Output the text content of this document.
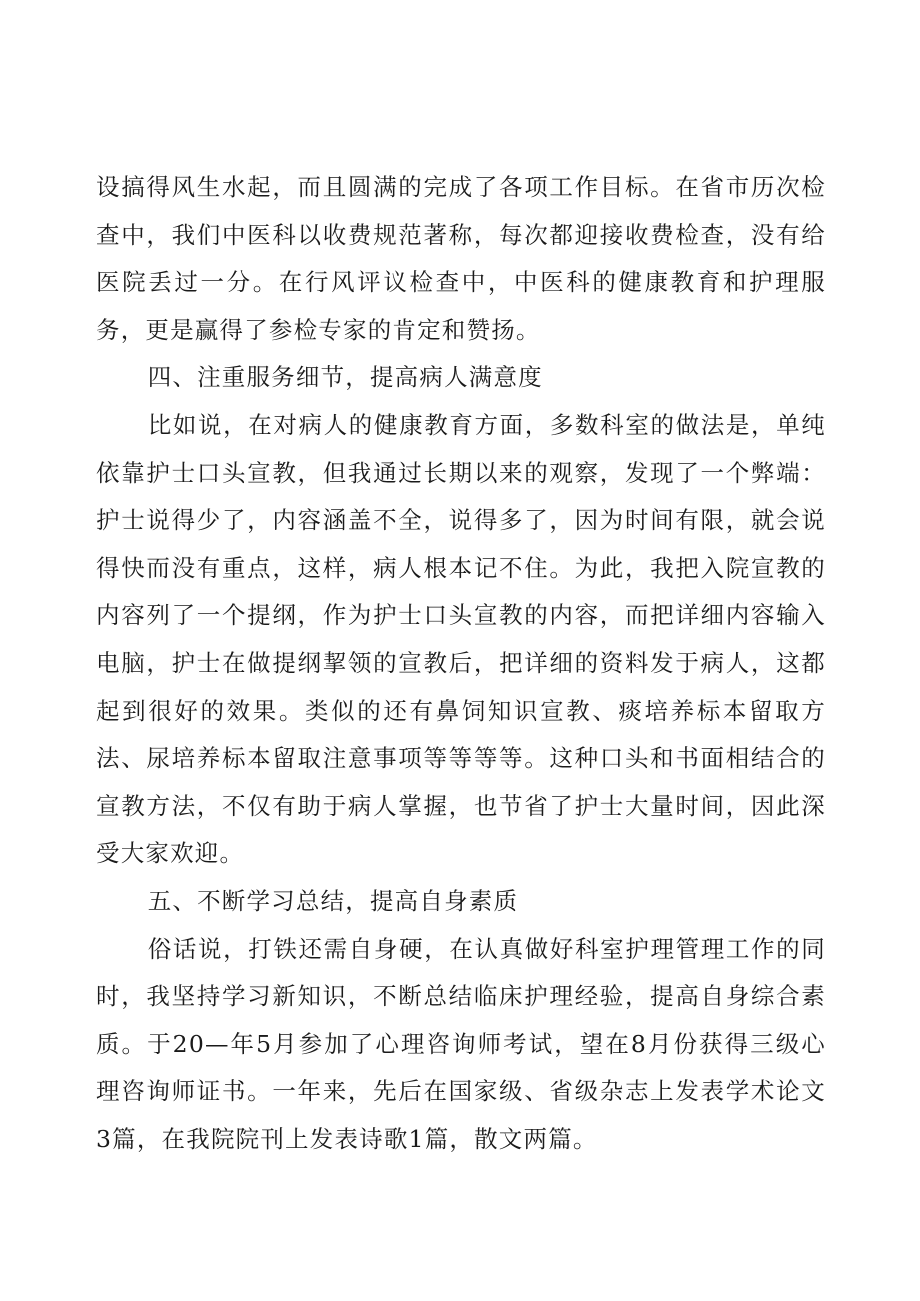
设搞得风生水起，而且圆满的完成了各项工作目标。在省市历次检查中，我们中医科以收费规范著称，每次都迎接收费检查，没有给医院丢过一分。在行风评议检查中，中医科的健康教育和护理服务，更是赢得了参检专家的肯定和赞扬。

四、注重服务细节，提高病人满意度

比如说，在对病人的健康教育方面，多数科室的做法是，单纯依靠护士口头宣教，但我通过长期以来的观察，发现了一个弊端：护士说得少了，内容涵盖不全，说得多了，因为时间有限，就会说得快而没有重点，这样，病人根本记不住。为此，我把入院宣教的内容列了一个提纲，作为护士口头宣教的内容，而把详细内容输入电脑，护士在做提纲挈领的宣教后，把详细的资料发于病人，这都起到很好的效果。类似的还有鼻饲知识宣教、痰培养标本留取方法、尿培养标本留取注意事项等等等等。这种口头和书面相结合的宣教方法，不仅有助于病人掌握，也节省了护士大量时间，因此深受大家欢迎。

五、不断学习总结，提高自身素质

俗话说，打铁还需自身硬，在认真做好科室护理管理工作的同时，我坚持学习新知识，不断总结临床护理经验，提高自身综合素质。于20—年5月参加了心理咨询师考试，望在8月份获得三级心理咨询师证书。一年来，先后在国家级、省级杂志上发表学术论文3篇，在我院院刊上发表诗歌1篇，散文两篇。
